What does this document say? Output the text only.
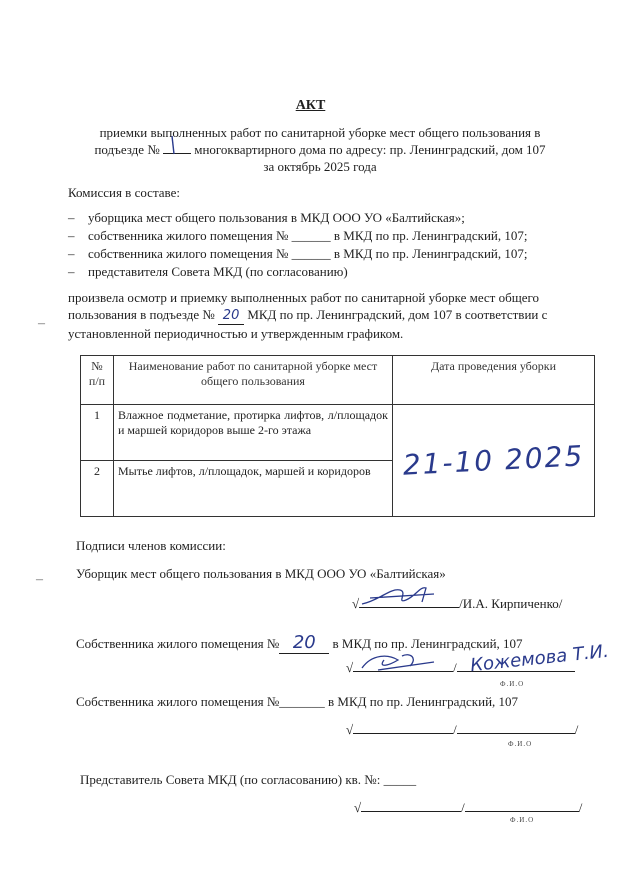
АКТ
приемки выполненных работ по санитарной уборке мест общего пользования в
подъезде №	многоквартирного дома по адресу: пр. Ленинградский, дом 107
за октябрь 2025 года
Комиссия в составе:
– уборщика мест общего пользования в МКД ООО УО «Балтийская»;
– собственника жилого помещения № ______ в МКД по пр. Ленинградский, 107;
– собственника жилого помещения № ______ в МКД по пр. Ленинградский, 107;
– представителя Совета МКД (по согласованию)
–
произвела осмотр и приемку выполненных работ по санитарной уборке мест общего пользования в подъезде № 20 МКД по пр. Ленинградский, дом 107 в соответствии с установленной периодичностью и утвержденным графиком.
№ п/п	Наименование работ по санитарной уборке мест общего пользования	Дата проведения уборки
1	Влажное подметание, протирка лифтов, л/площадок и маршей коридоров выше 2-го этажа	21-10 2025

2	Мытье лифтов, л/площадок, маршей и коридоров	
Подписи членов комиссии:
–	Уборщик мест общего пользования в МКД ООО УО «Балтийская»
√	/И.А. Кирпиченко/
Собственника жилого помещения № 20 в МКД по пр. Ленинградский, 107
√	/ Кожемова Т.И.
Ф.И.О
Собственника жилого помещения №_______ в МКД по пр. Ленинградский, 107
√	/	/
Ф.И.О
Представитель Совета МКД (по согласованию) кв. №: _____
√	/	/
Ф.И.О
